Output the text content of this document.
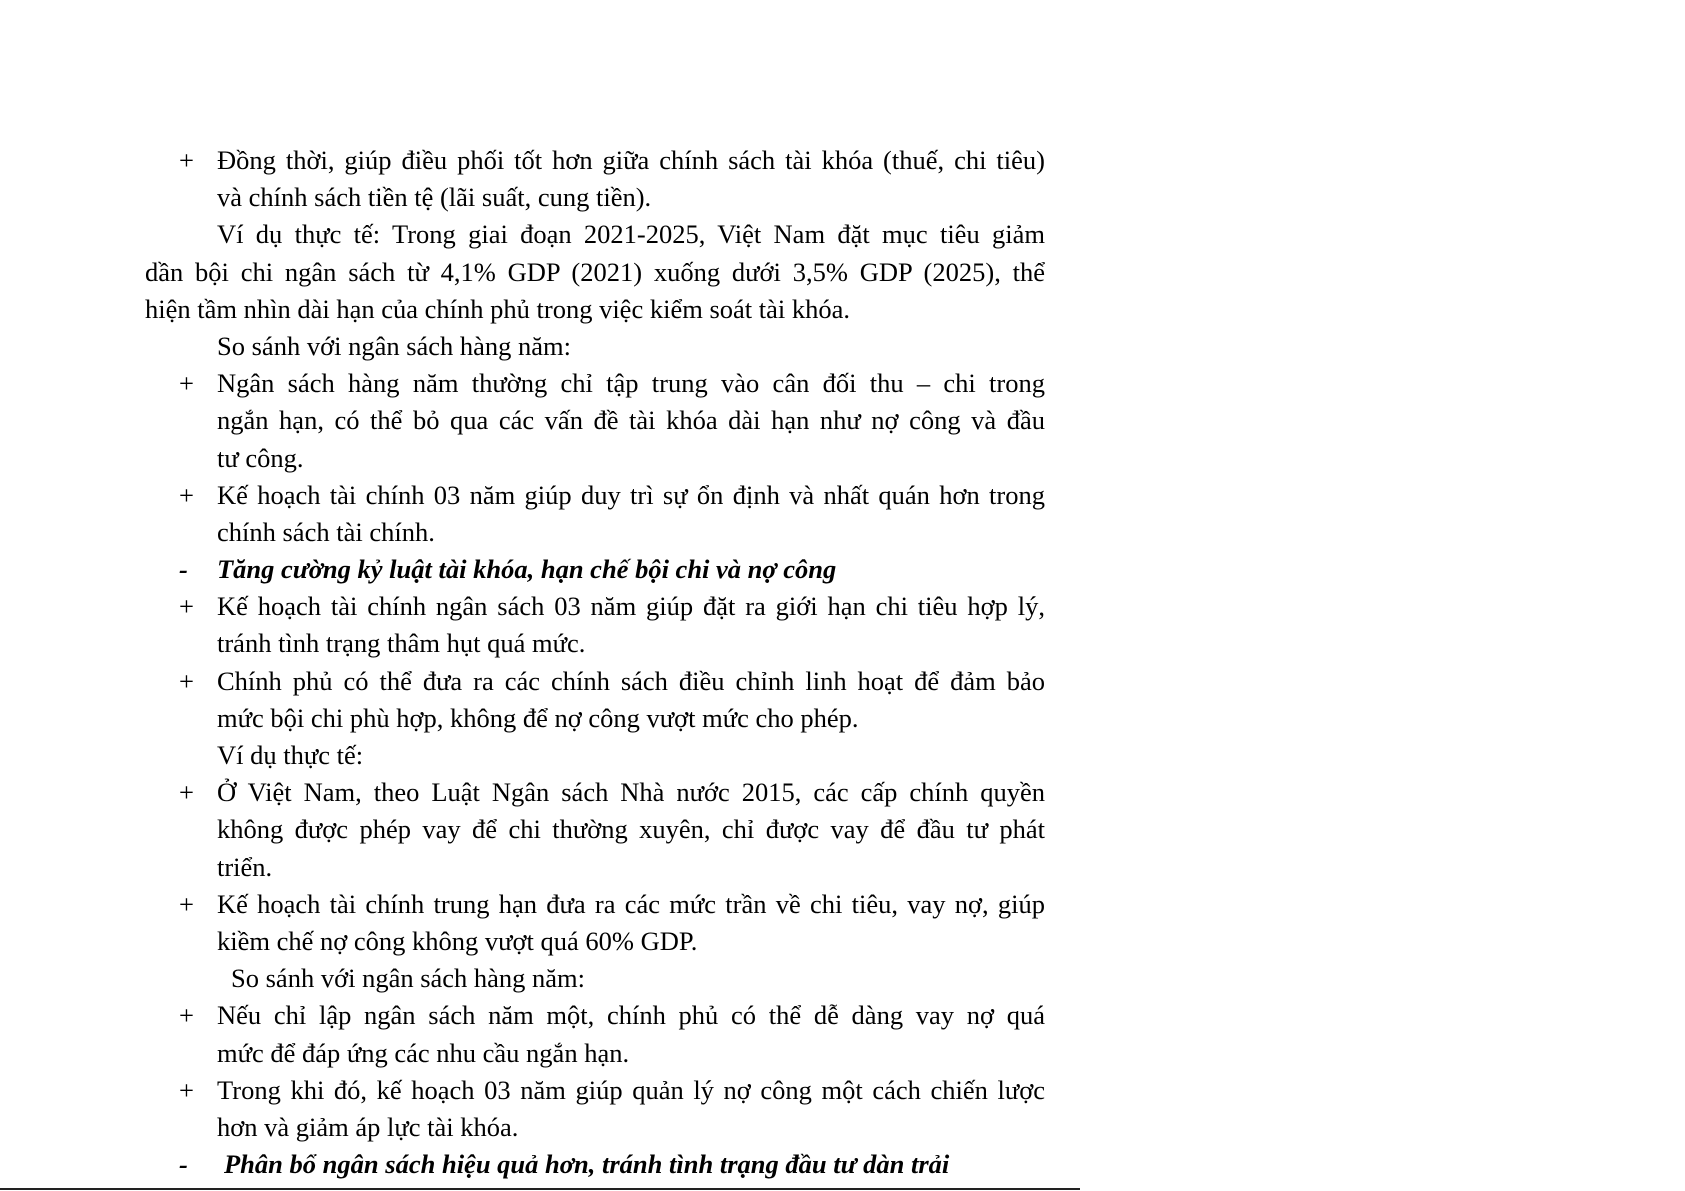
+ Đồng thời, giúp điều phối tốt hơn giữa chính sách tài khóa (thuế, chi tiêu)
và chính sách tiền tệ (lãi suất, cung tiền).
Ví dụ thực tế: Trong giai đoạn 2021-2025, Việt Nam đặt mục tiêu giảm
dần bội chi ngân sách từ 4,1% GDP (2021) xuống dưới 3,5% GDP (2025), thể
hiện tầm nhìn dài hạn của chính phủ trong việc kiểm soát tài khóa.
So sánh với ngân sách hàng năm:
+ Ngân sách hàng năm thường chỉ tập trung vào cân đối thu – chi trong
ngắn hạn, có thể bỏ qua các vấn đề tài khóa dài hạn như nợ công và đầu
tư công.
+ Kế hoạch tài chính 03 năm giúp duy trì sự ổn định và nhất quán hơn trong
chính sách tài chính.
- Tăng cường kỷ luật tài khóa, hạn chế bội chi và nợ công
+ Kế hoạch tài chính ngân sách 03 năm giúp đặt ra giới hạn chi tiêu hợp lý,
tránh tình trạng thâm hụt quá mức.
+ Chính phủ có thể đưa ra các chính sách điều chỉnh linh hoạt để đảm bảo
mức bội chi phù hợp, không để nợ công vượt mức cho phép.
Ví dụ thực tế:
+ Ở Việt Nam, theo Luật Ngân sách Nhà nước 2015, các cấp chính quyền
không được phép vay để chi thường xuyên, chỉ được vay để đầu tư phát
triển.
+ Kế hoạch tài chính trung hạn đưa ra các mức trần về chi tiêu, vay nợ, giúp
kiềm chế nợ công không vượt quá 60% GDP.
So sánh với ngân sách hàng năm:
+ Nếu chỉ lập ngân sách năm một, chính phủ có thể dễ dàng vay nợ quá
mức để đáp ứng các nhu cầu ngắn hạn.
+ Trong khi đó, kế hoạch 03 năm giúp quản lý nợ công một cách chiến lược
hơn và giảm áp lực tài khóa.
- Phân bổ ngân sách hiệu quả hơn, tránh tình trạng đầu tư dàn trải
